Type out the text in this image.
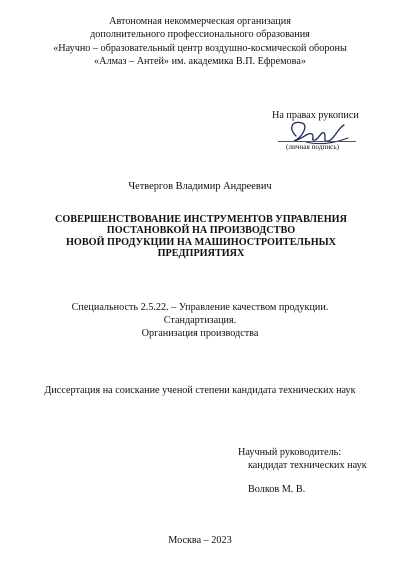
Автономная некоммерческая организация
дополнительного профессионального образования
«Научно – образовательный центр воздушно-космической обороны
«Алмаз – Антей» им. академика В.П. Ефремова»
На правах рукописи
(личная подпись)
Четвергов Владимир Андреевич
СОВЕРШЕНСТВОВАНИЕ ИНСТРУМЕНТОВ УПРАВЛЕНИЯ
ПОСТАНОВКОЙ НА ПРОИЗВОДСТВО
НОВОЙ ПРОДУКЦИИ НА МАШИНОСТРОИТЕЛЬНЫХ
ПРЕДПРИЯТИЯХ
Специальность 2.5.22. – Управление качеством продукции.
Стандартизация.
Организация производства
Диссертация на соискание ученой степени кандидата технических наук
Научный руководитель:
кандидат технических наук
Волков М. В.
Москва – 2023
